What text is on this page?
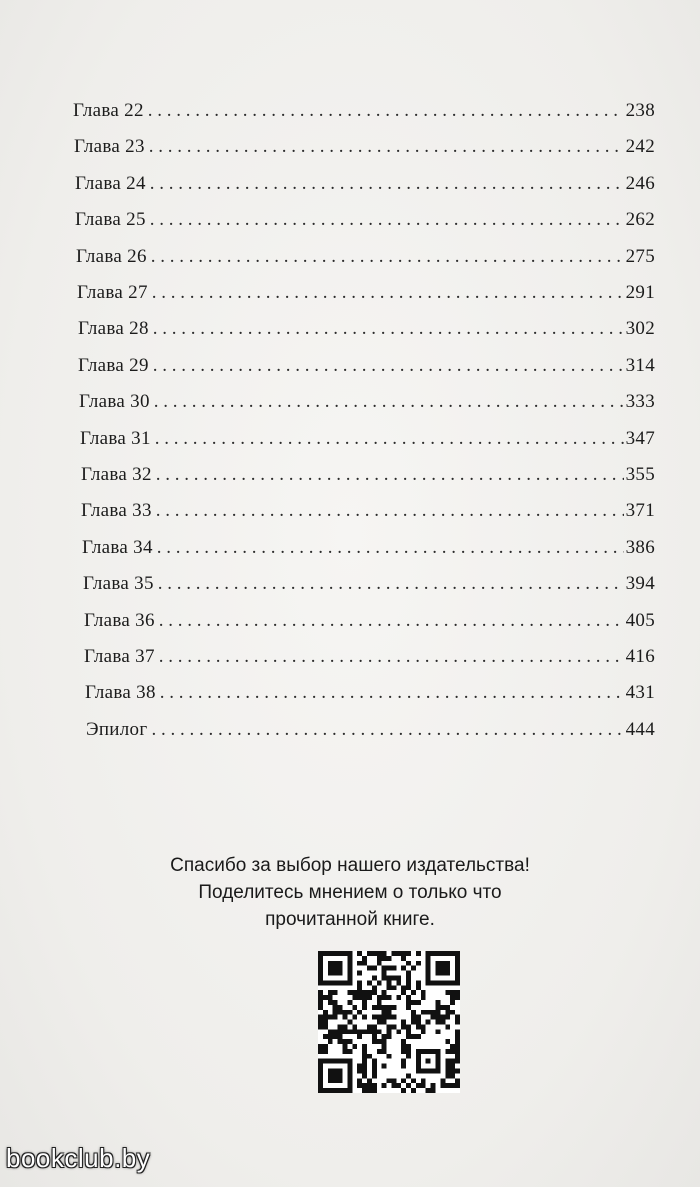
Глава 22 . . .	238
Глава 23 . . .	242
Глава 24 . . .	246
Глава 25 . . .	262
Глава 26 . . .	275
Глава 27 . . .	291
Глава 28 . . .	302
Глава 29 . . .	314
Глава 30 . . .	333
Глава 31 . . .	347
Глава 32 . . .	355
Глава 33 . . .	371
Глава 34 . . .	386
Глава 35 . . .	394
Глава 36 . . .	405
Глава 37 . . .	416
Глава 38 . . .	431
Эпилог . . .	444
Спасибо за выбор нашего издательства!
Поделитесь мнением о только что
прочитанной книге.
bookclub.by
